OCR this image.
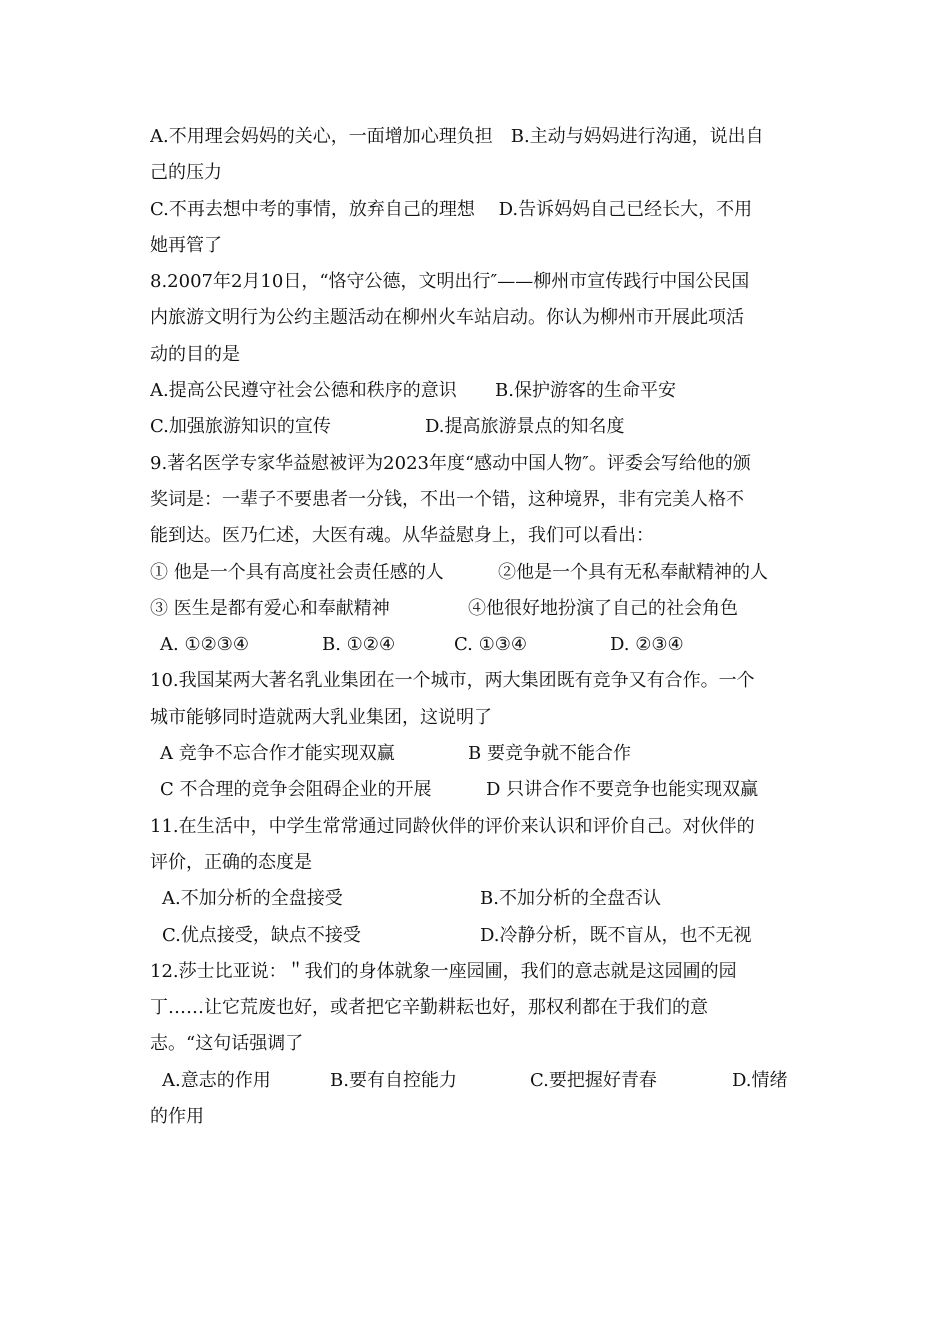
A.不用理会妈妈的关心，一面增加心理负担　B.主动与妈妈进行沟通，说出自
己的压力
C.不再去想中考的事情，放弃自己的理想　 D.告诉妈妈自己已经长大，不用
她再管了
8.2007年2月10日，“恪守公德，文明出行″——柳州市宣传践行中国公民国
内旅游文明行为公约主题活动在柳州火车站启动。你认为柳州市开展此项活
动的目的是
A.提高公民遵守社会公德和秩序的意识 B.保护游客的生命平安
C.加强旅游知识的宣传	D.提高旅游景点的知名度
9.著名医学专家华益慰被评为2023年度“感动中国人物″。评委会写给他的颁
奖词是：一辈子不要患者一分钱，不出一个错，这种境界，非有完美人格不
能到达。医乃仁述，大医有魂。从华益慰身上，我们可以看出：
① 他是一个具有高度社会责任感的人	②他是一个具有无私奉献精神的人
③ 医生是都有爱心和奉献精神	④他很好地扮演了自己的社会角色
A. ①②③④	B. ①②④	C. ①③④	D. ②③④
10.我国某两大著名乳业集团在一个城市，两大集团既有竞争又有合作。一个
城市能够同时造就两大乳业集团，这说明了
A 竞争不忘合作才能实现双赢	B 要竞争就不能合作
C 不合理的竞争会阻碍企业的开展	D 只讲合作不要竞争也能实现双赢
11.在生活中，中学生常常通过同龄伙伴的评价来认识和评价自己。对伙伴的
评价，正确的态度是
A.不加分析的全盘接受	B.不加分析的全盘否认
C.优点接受，缺点不接受	D.冷静分析，既不盲从，也不无视
12.莎士比亚说：＂我们的身体就象一座园圃，我们的意志就是这园圃的园
丁……让它荒废也好，或者把它辛勤耕耘也好，那权利都在于我们的意
志。“这句话强调了
A.意志的作用	B.要有自控能力	C.要把握好青春	D.情绪
的作用
